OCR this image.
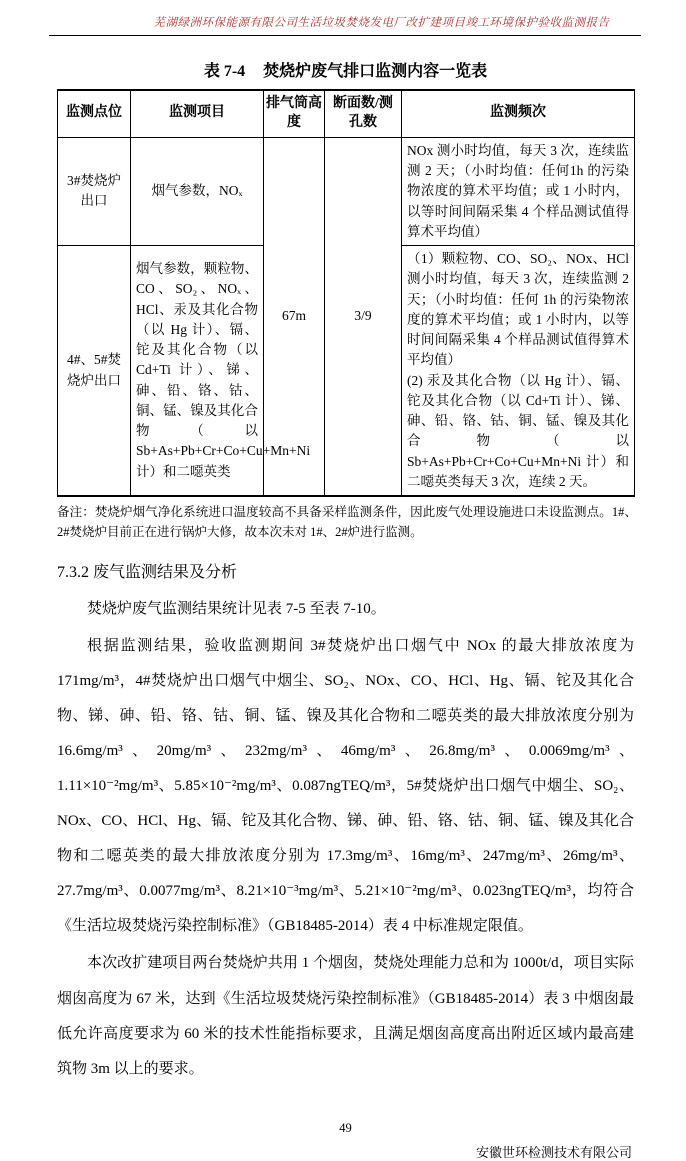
芜湖绿洲环保能源有限公司生活垃圾焚烧发电厂改扩建项目竣工环境保护验收监测报告
表 7-4 焚烧炉废气排口监测内容一览表
监测点位	监测项目	排气筒高度	断面数/测孔数	监测频次
3#焚烧炉出口	烟气参数，NOₓ	67m	3/9	NOx 测小时均值，每天 3 次，连续监测 2 天；（小时均值：任何1h 的污染物浓度的算术平均值；或 1 小时内，以等时间间隔采集 4 个样品测试值得算术平均值）
4#、5#焚烧炉出口	烟气参数，颗粒物、CO、SO₂、NOₓ、HCl、汞及其化合物（以 Hg 计）、镉、铊及其化合物（以 Cd+Ti 计）、锑、砷、铅、铬、钴、铜、锰、镍及其化合物（以Sb+As+Pb+Cr+Co+Cu+Mn+Ni 计）和二噁英类			（1）颗粒物、CO、SO₂、NOx、HCl 测小时均值，每天 3 次，连续监测 2 天；（小时均值：任何 1h 的污染物浓度的算术平均值；或 1 小时内，以等时间间隔采集 4 个样品测试值得算术平均值）
(2) 汞及其化合物（以 Hg 计）、镉、铊及其化合物（以 Cd+Ti 计）、锑、砷、铅、铬、钴、铜、锰、镍及其化合物（以 Sb+As+Pb+Cr+Co+Cu+Mn+Ni 计）和二噁英类每天 3 次，连续 2 天。
备注：焚烧炉烟气净化系统进口温度较高不具备采样监测条件，因此废气处理设施进口未设监测点。1#、2#焚烧炉目前正在进行锅炉大修，故本次未对 1#、2#炉进行监测。
7.3.2 废气监测结果及分析

焚烧炉废气监测结果统计见表 7-5 至表 7-10。

根据监测结果，验收监测期间 3#焚烧炉出口烟气中 NOx 的最大排放浓度为171mg/m³，4#焚烧炉出口烟气中烟尘、SO₂、NOx、CO、HCl、Hg、镉、铊及其化合物、锑、砷、铅、铬、钴、铜、锰、镍及其化合物和二噁英类的最大排放浓度分别为16.6mg/m³、20mg/m³、232mg/m³、46mg/m³、26.8mg/m³、0.0069mg/m³、1.11×10⁻²mg/m³、5.85×10⁻²mg/m³、0.087ngTEQ/m³，5#焚烧炉出口烟气中烟尘、SO₂、NOx、CO、HCl、Hg、镉、铊及其化合物、锑、砷、铅、铬、钴、铜、锰、镍及其化合物和二噁英类的最大排放浓度分别为 17.3mg/m³、16mg/m³、247mg/m³、26mg/m³、27.7mg/m³、0.0077mg/m³、8.21×10⁻³mg/m³、5.21×10⁻²mg/m³、0.023ngTEQ/m³，均符合《生活垃圾焚烧污染控制标准》（GB18485-2014）表 4 中标准规定限值。

本次改扩建项目两台焚烧炉共用 1 个烟囱，焚烧处理能力总和为 1000t/d，项目实际烟囱高度为 67 米，达到《生活垃圾焚烧污染控制标准》（GB18485-2014）表 3 中烟囱最低允许高度要求为 60 米的技术性能指标要求，且满足烟囱高度高出附近区域内最高建筑物 3m 以上的要求。

49
安徽世环检测技术有限公司
